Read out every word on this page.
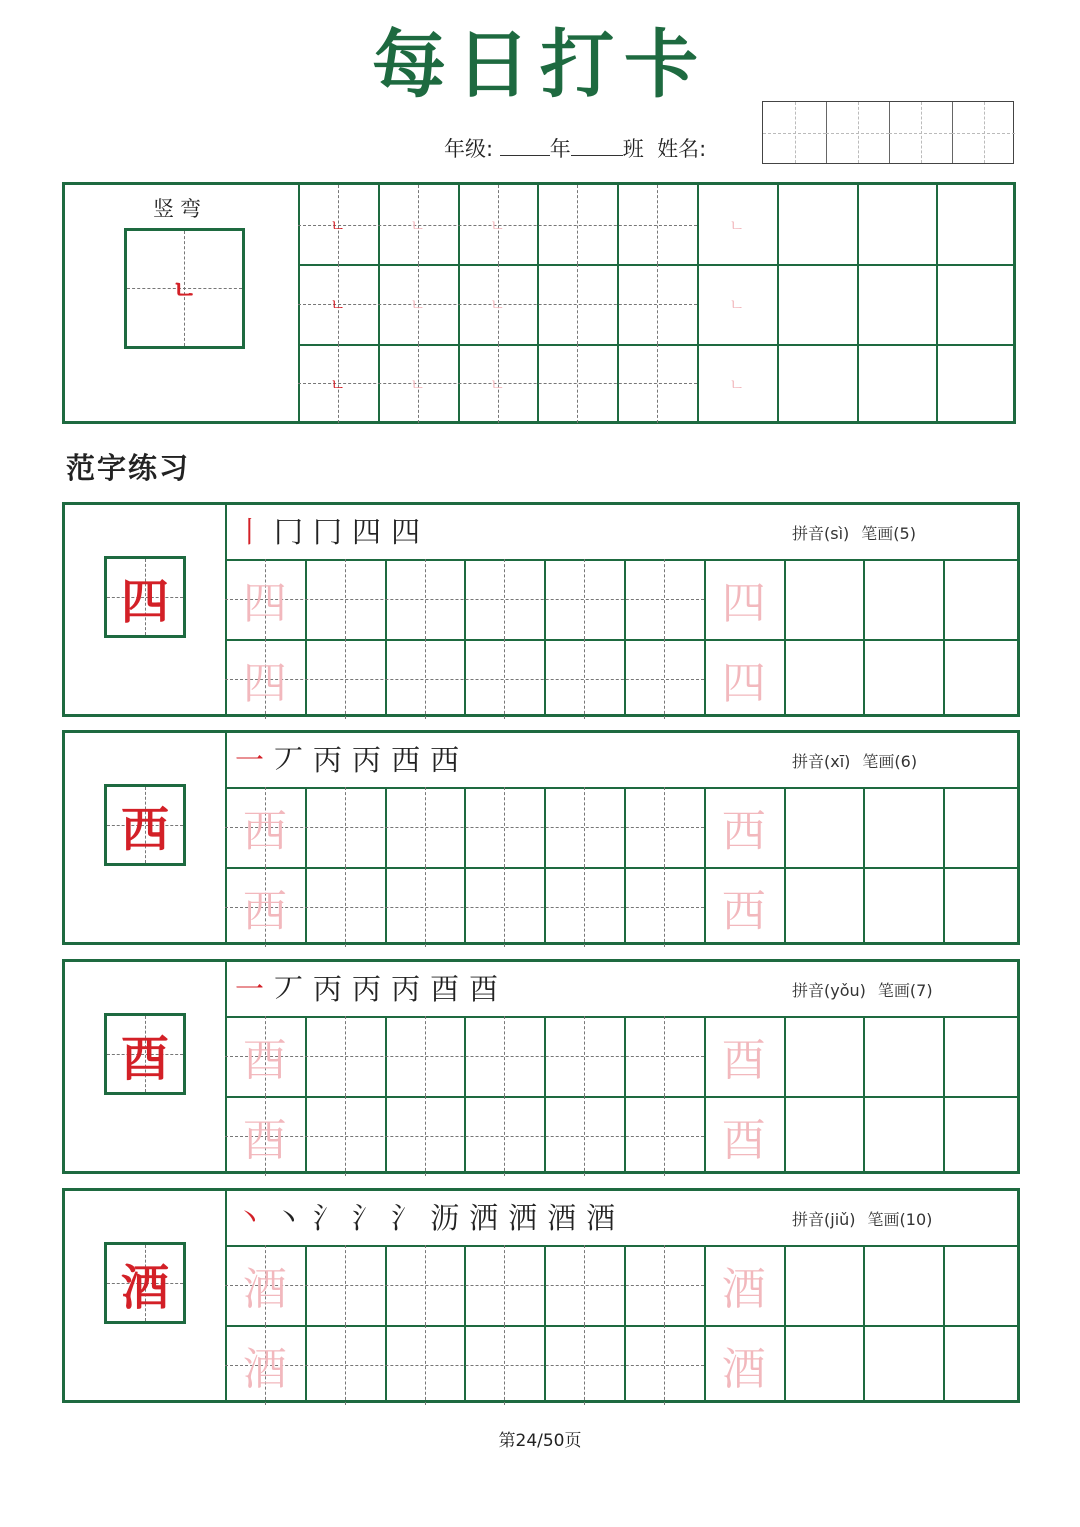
每日打卡
年级:	年 班 姓名:
竖弯
ㄴ
ㄴ	ㄴ	ㄴ	ㄴ
ㄴ	ㄴ	ㄴ	ㄴ
ㄴ	ㄴ	ㄴ	ㄴ
范字练习
四	四
四	四
四
丨 冂 冂 四 四	拼音(sì) 笔画(5)
西	西
西	西
西
一 丆 丙 丙 西 西	拼音(xī) 笔画(6)
酉	酉
酉	酉
酉
一 丆 丙 丙 丙 酉 酉	拼音(yǒu) 笔画(7)
酒	酒
酒	酒
酒
丶 丶 氵 氵 氵 沥 洒 洒 酒 酒	拼音(jiǔ) 笔画(10)
第24/50页
